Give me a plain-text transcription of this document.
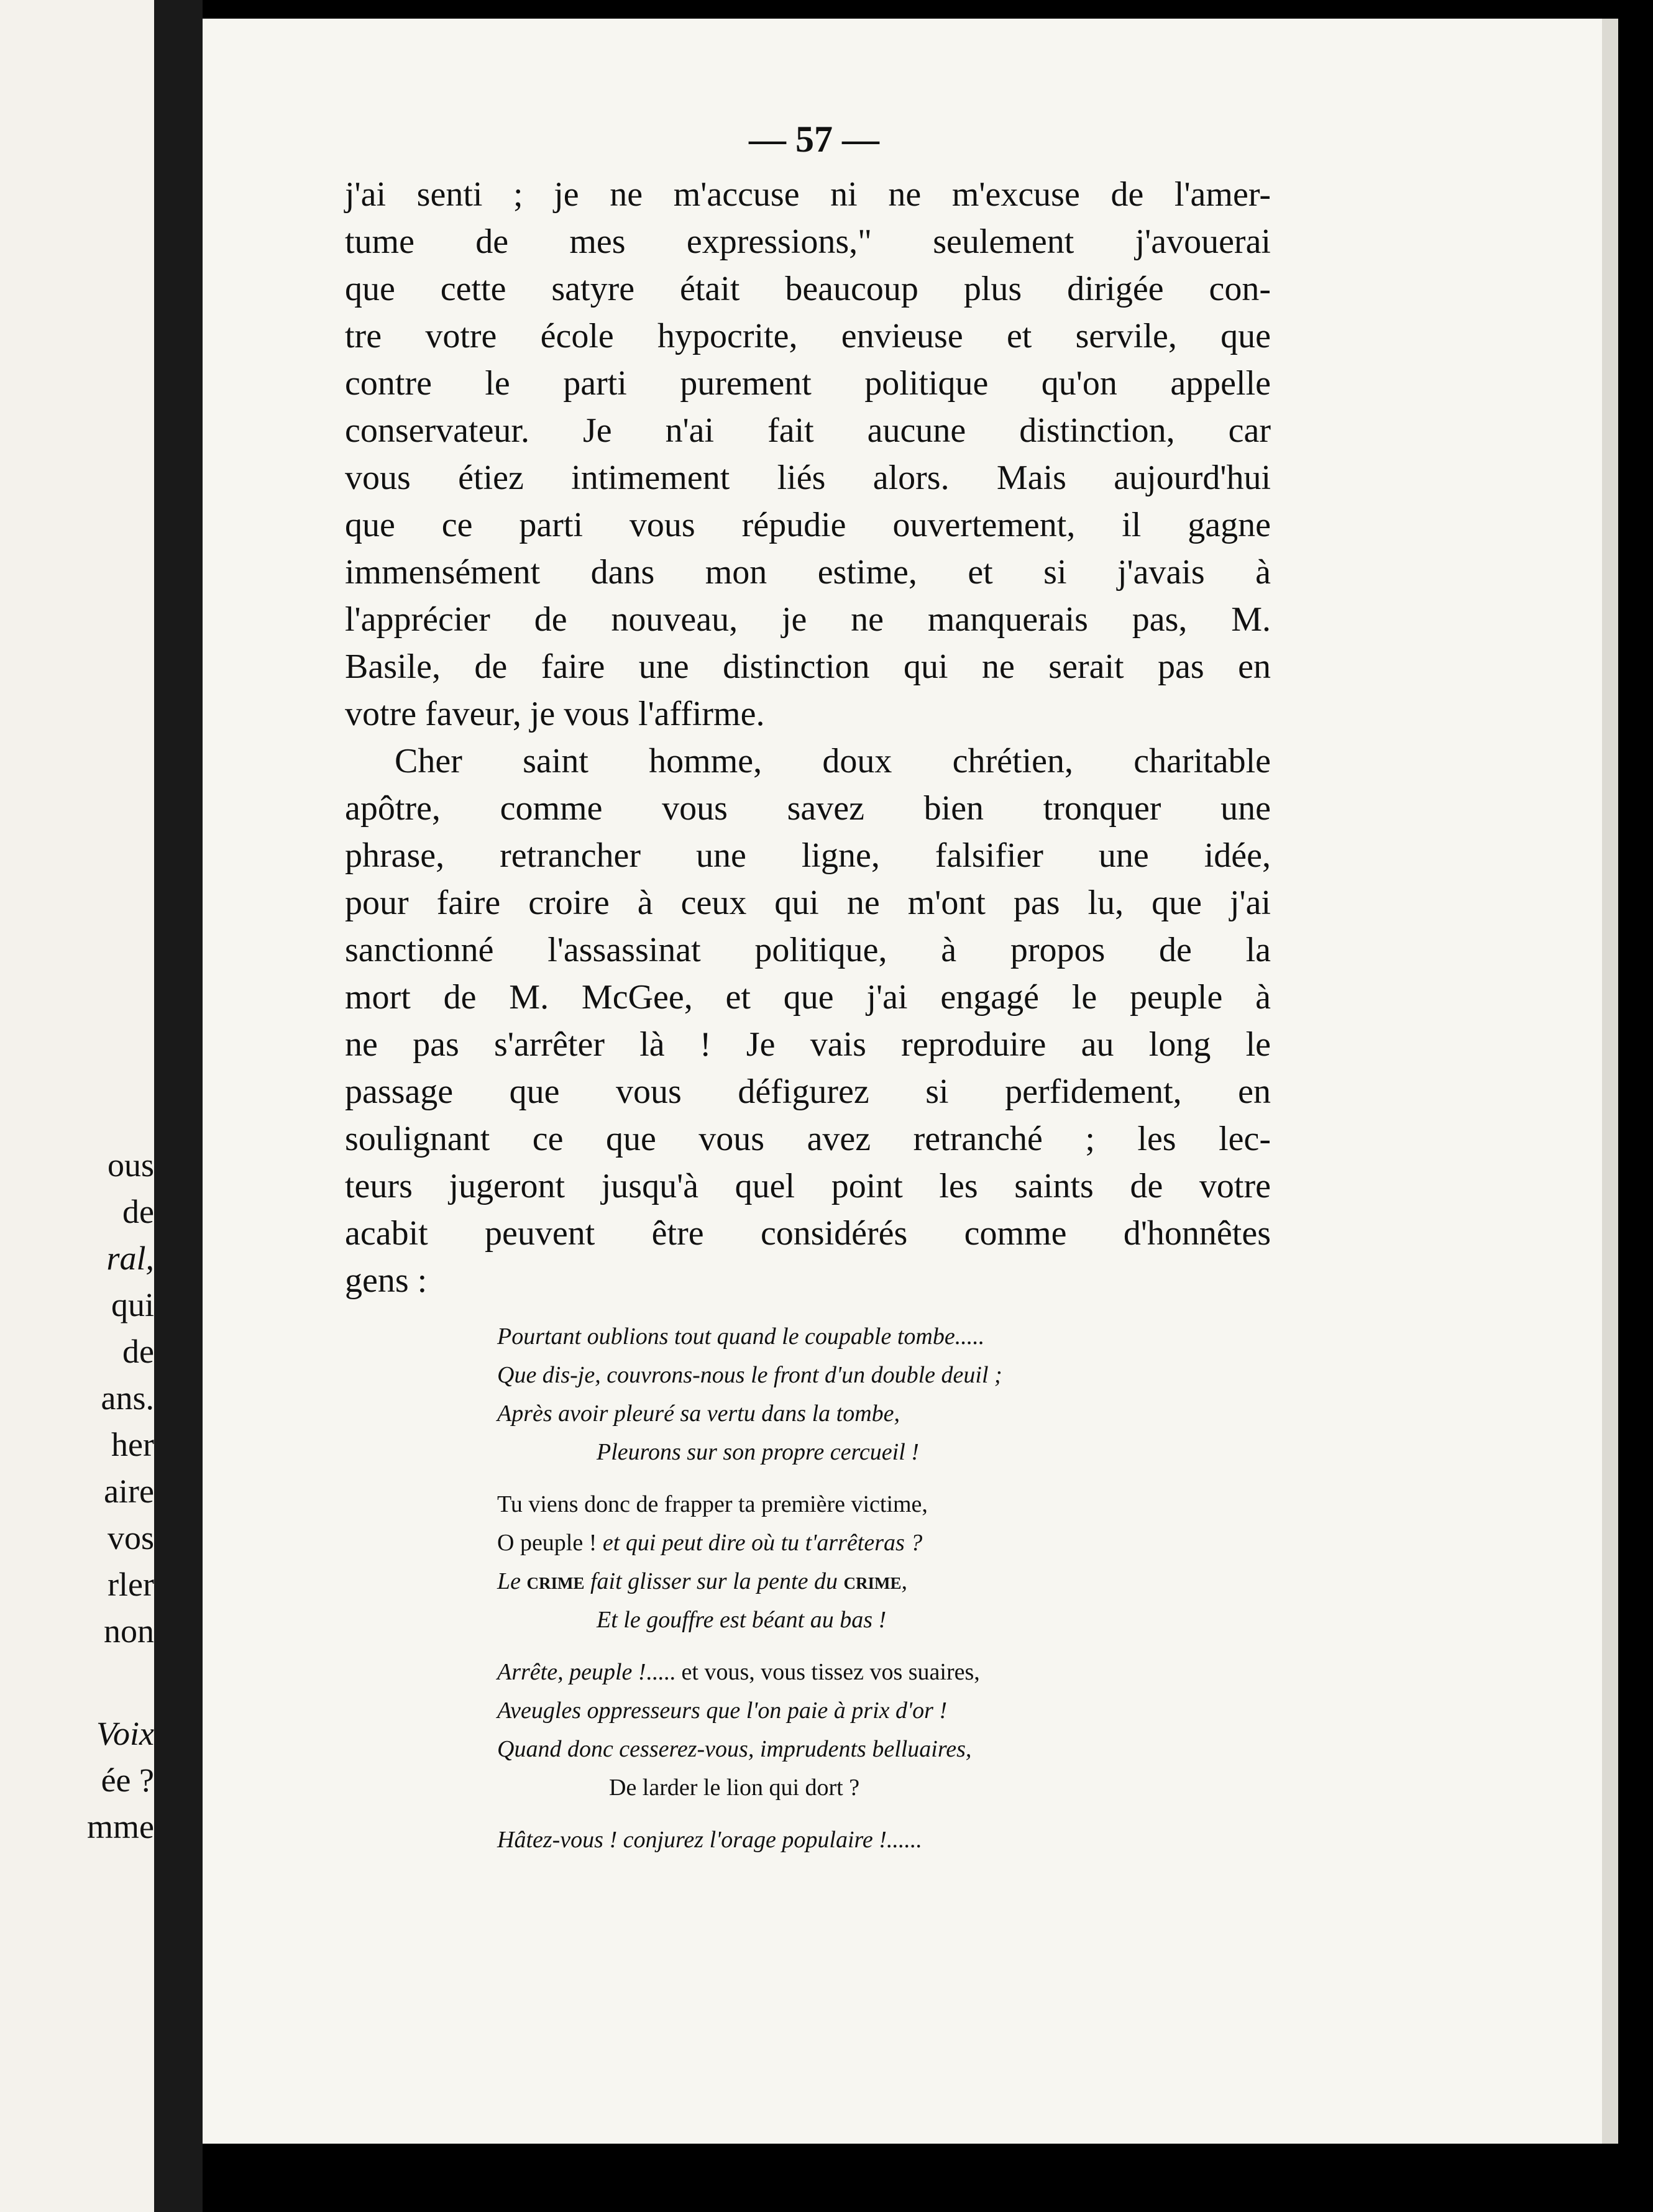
ous
de
ral,
qui
de
ans.
her
aire
vos
rler
non
Voix
ée ?
mme
— 57 —
j'ai senti ; je ne m'accuse ni ne m'excuse de l'amer-
tume de mes expressions," seulement j'avouerai
que cette satyre était beaucoup plus dirigée con-
tre votre école hypocrite, envieuse et servile, que
contre le parti purement politique qu'on appelle
conservateur. Je n'ai fait aucune distinction, car
vous étiez intimement liés alors. Mais aujourd'hui
que ce parti vous répudie ouvertement, il gagne
immensément dans mon estime, et si j'avais à
l'apprécier de nouveau, je ne manquerais pas, M.
Basile, de faire une distinction qui ne serait pas en
votre faveur, je vous l'affirme.
Cher saint homme, doux chrétien, charitable
apôtre, comme vous savez bien tronquer une
phrase, retrancher une ligne, falsifier une idée,
pour faire croire à ceux qui ne m'ont pas lu, que j'ai
sanctionné l'assassinat politique, à propos de la
mort de M. McGee, et que j'ai engagé le peuple à
ne pas s'arrêter là ! Je vais reproduire au long le
passage que vous défigurez si perfidement, en
soulignant ce que vous avez retranché ; les lec-
teurs jugeront jusqu'à quel point les saints de votre
acabit peuvent être considérés comme d'honnêtes
gens :
Pourtant oublions tout quand le coupable tombe.....
Que dis-je, couvrons-nous le front d'un double deuil ;
Après avoir pleuré sa vertu dans la tombe,
Pleurons sur son propre cercueil !
Tu viens donc de frapper ta première victime,
O peuple ! et qui peut dire où tu t'arrêteras ?
Le crime fait glisser sur la pente du crime,
Et le gouffre est béant au bas !
Arrête, peuple !..... et vous, vous tissez vos suaires,
Aveugles oppresseurs que l'on paie à prix d'or !
Quand donc cesserez-vous, imprudents belluaires,
De larder le lion qui dort ?
Hâtez-vous ! conjurez l'orage populaire !......
